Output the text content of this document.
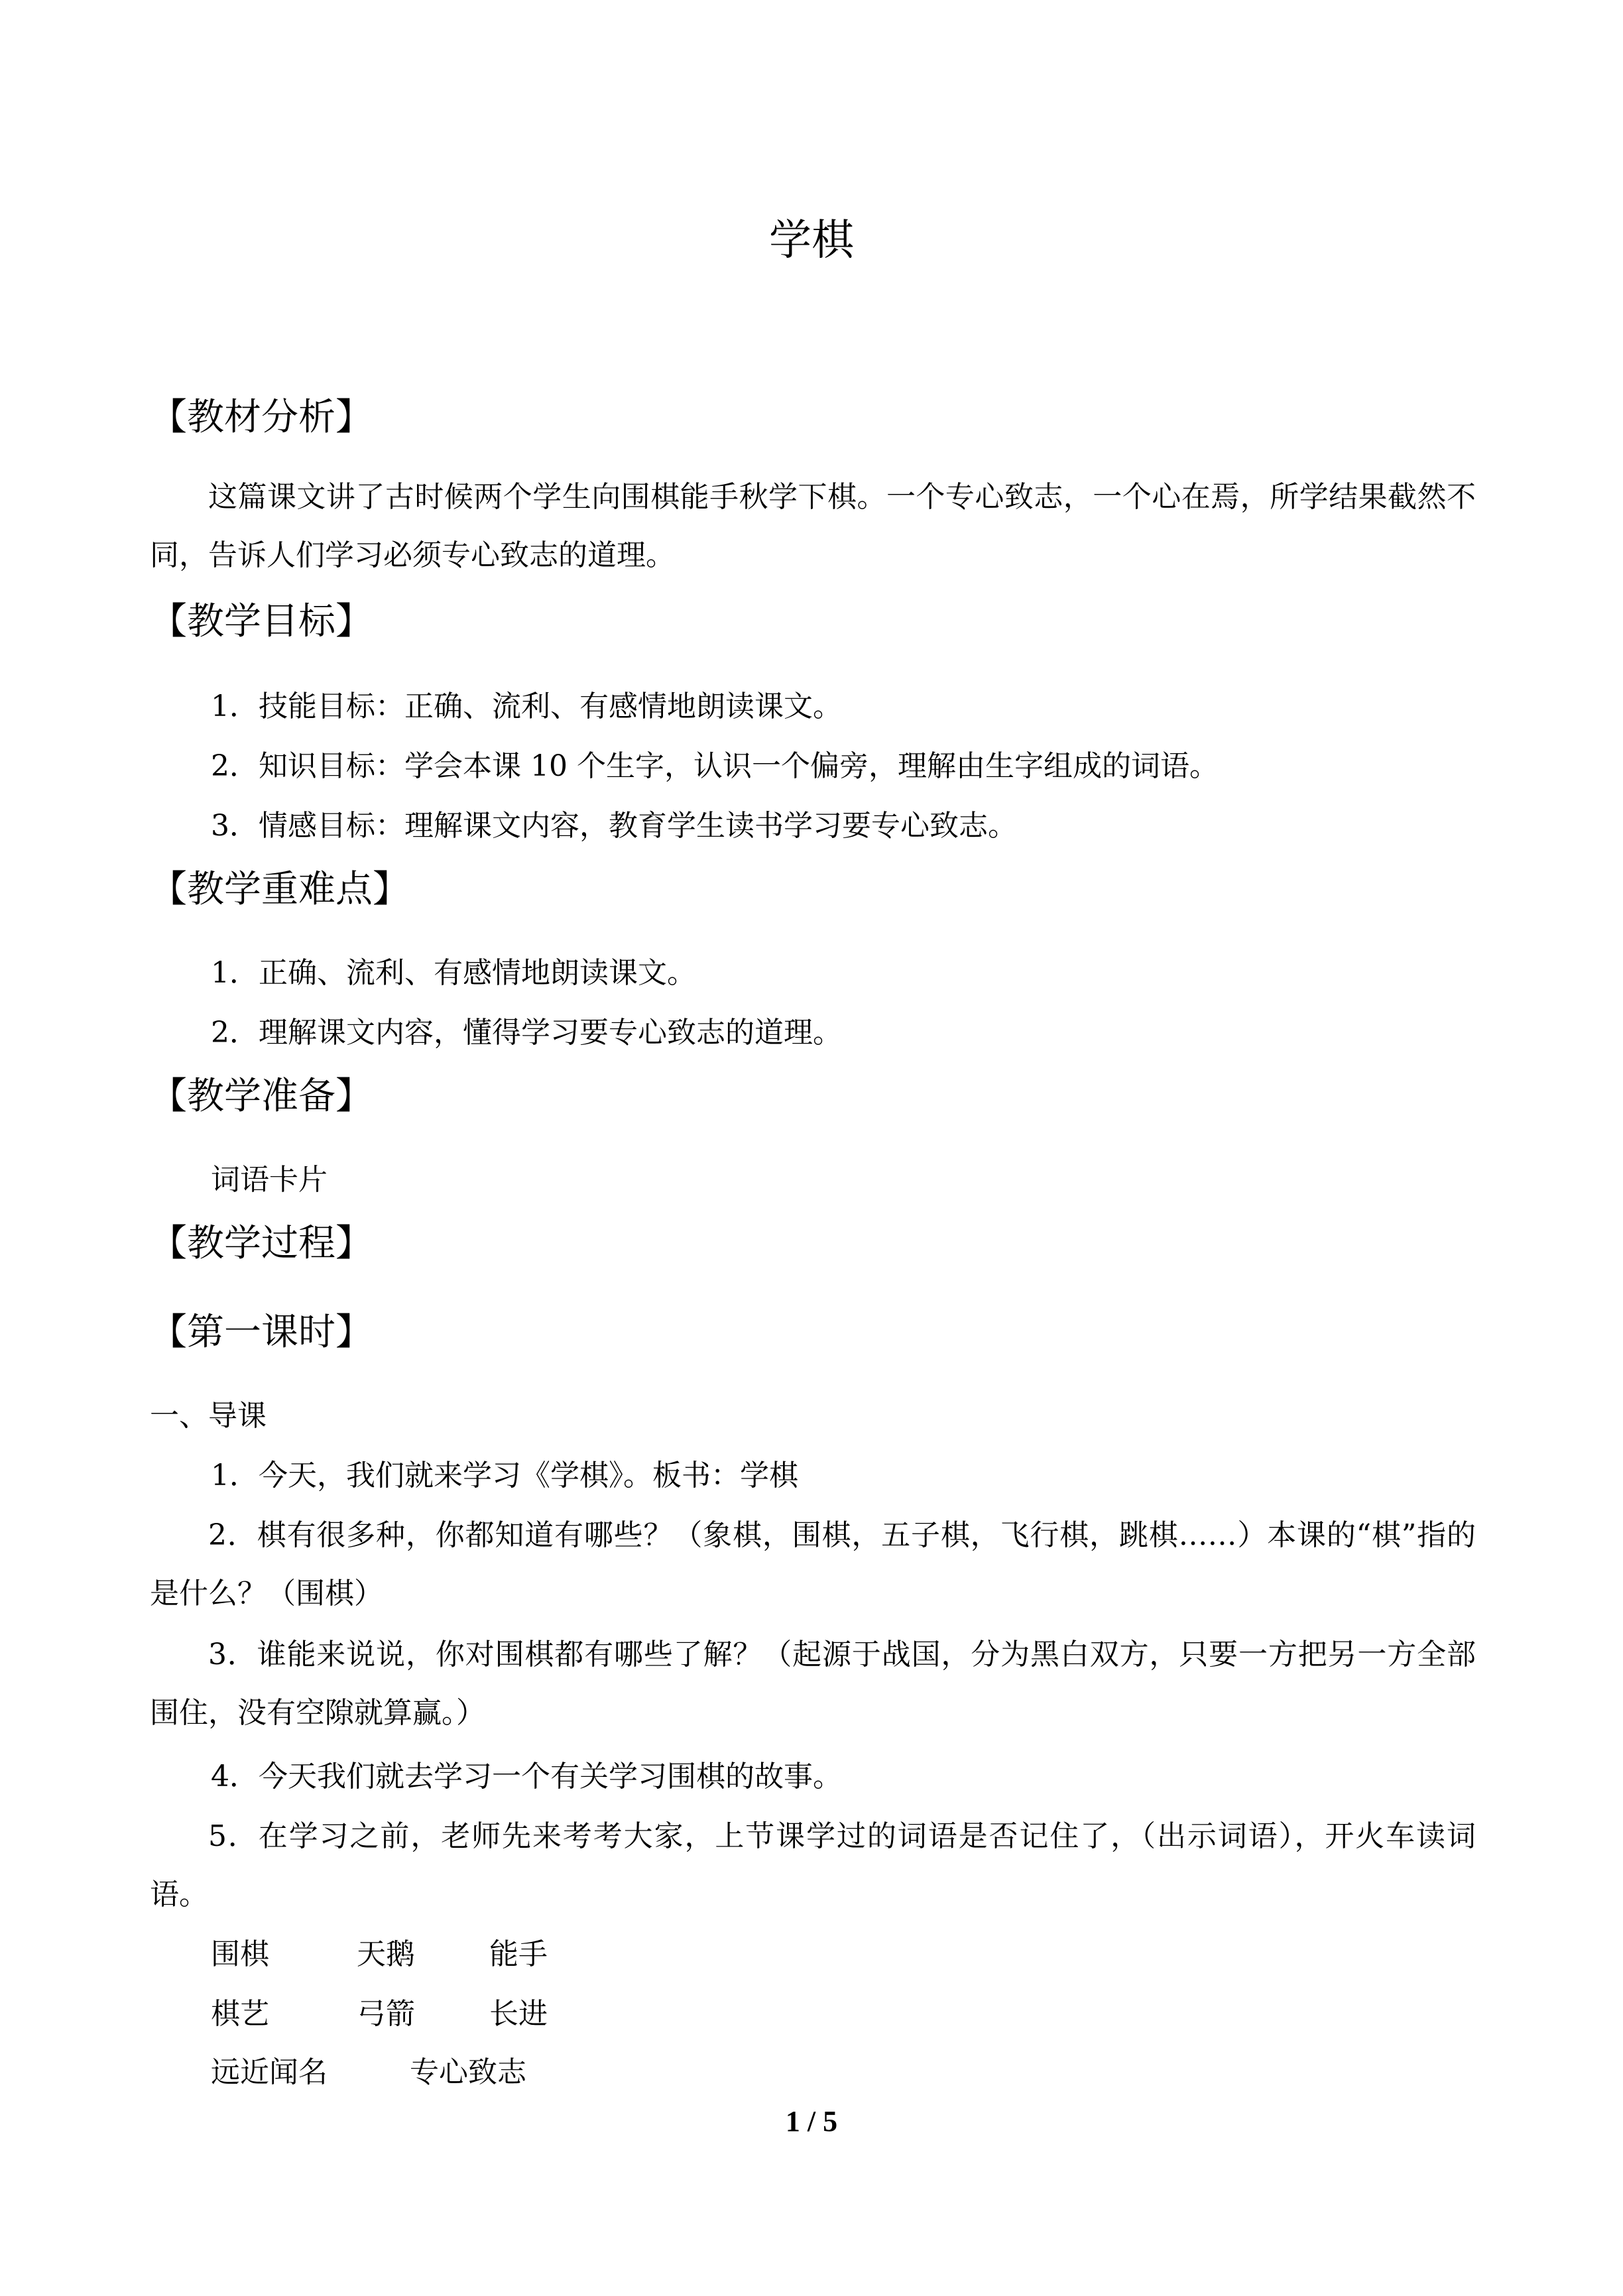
学棋
【教材分析】
这篇课文讲了古时候两个学生向围棋能手秋学下棋。一个专心致志，一个心在焉，所学结果截然不同，告诉人们学习必须专心致志的道理。
【教学目标】
1．技能目标：正确、流利、有感情地朗读课文。
2．知识目标：学会本课 10 个生字，认识一个偏旁，理解由生字组成的词语。
3．情感目标：理解课文内容，教育学生读书学习要专心致志。
【教学重难点】
1．正确、流利、有感情地朗读课文。
2．理解课文内容，懂得学习要专心致志的道理。
【教学准备】
词语卡片
【教学过程】
【第一课时】
一、导课
1．今天，我们就来学习《学棋》。板书：学棋
2．棋有很多种，你都知道有哪些？（象棋，围棋，五子棋，飞行棋，跳棋……）本课的“棋”指的是什么？（围棋）
3．谁能来说说，你对围棋都有哪些了解？（起源于战国，分为黑白双方，只要一方把另一方全部围住，没有空隙就算赢。）
4．今天我们就去学习一个有关学习围棋的故事。
5．在学习之前，老师先来考考大家，上节课学过的词语是否记住了，（出示词语），开火车读词语。
围棋	天鹅	能手
棋艺	弓箭	长进
远近闻名	专心致志
1 / 5
